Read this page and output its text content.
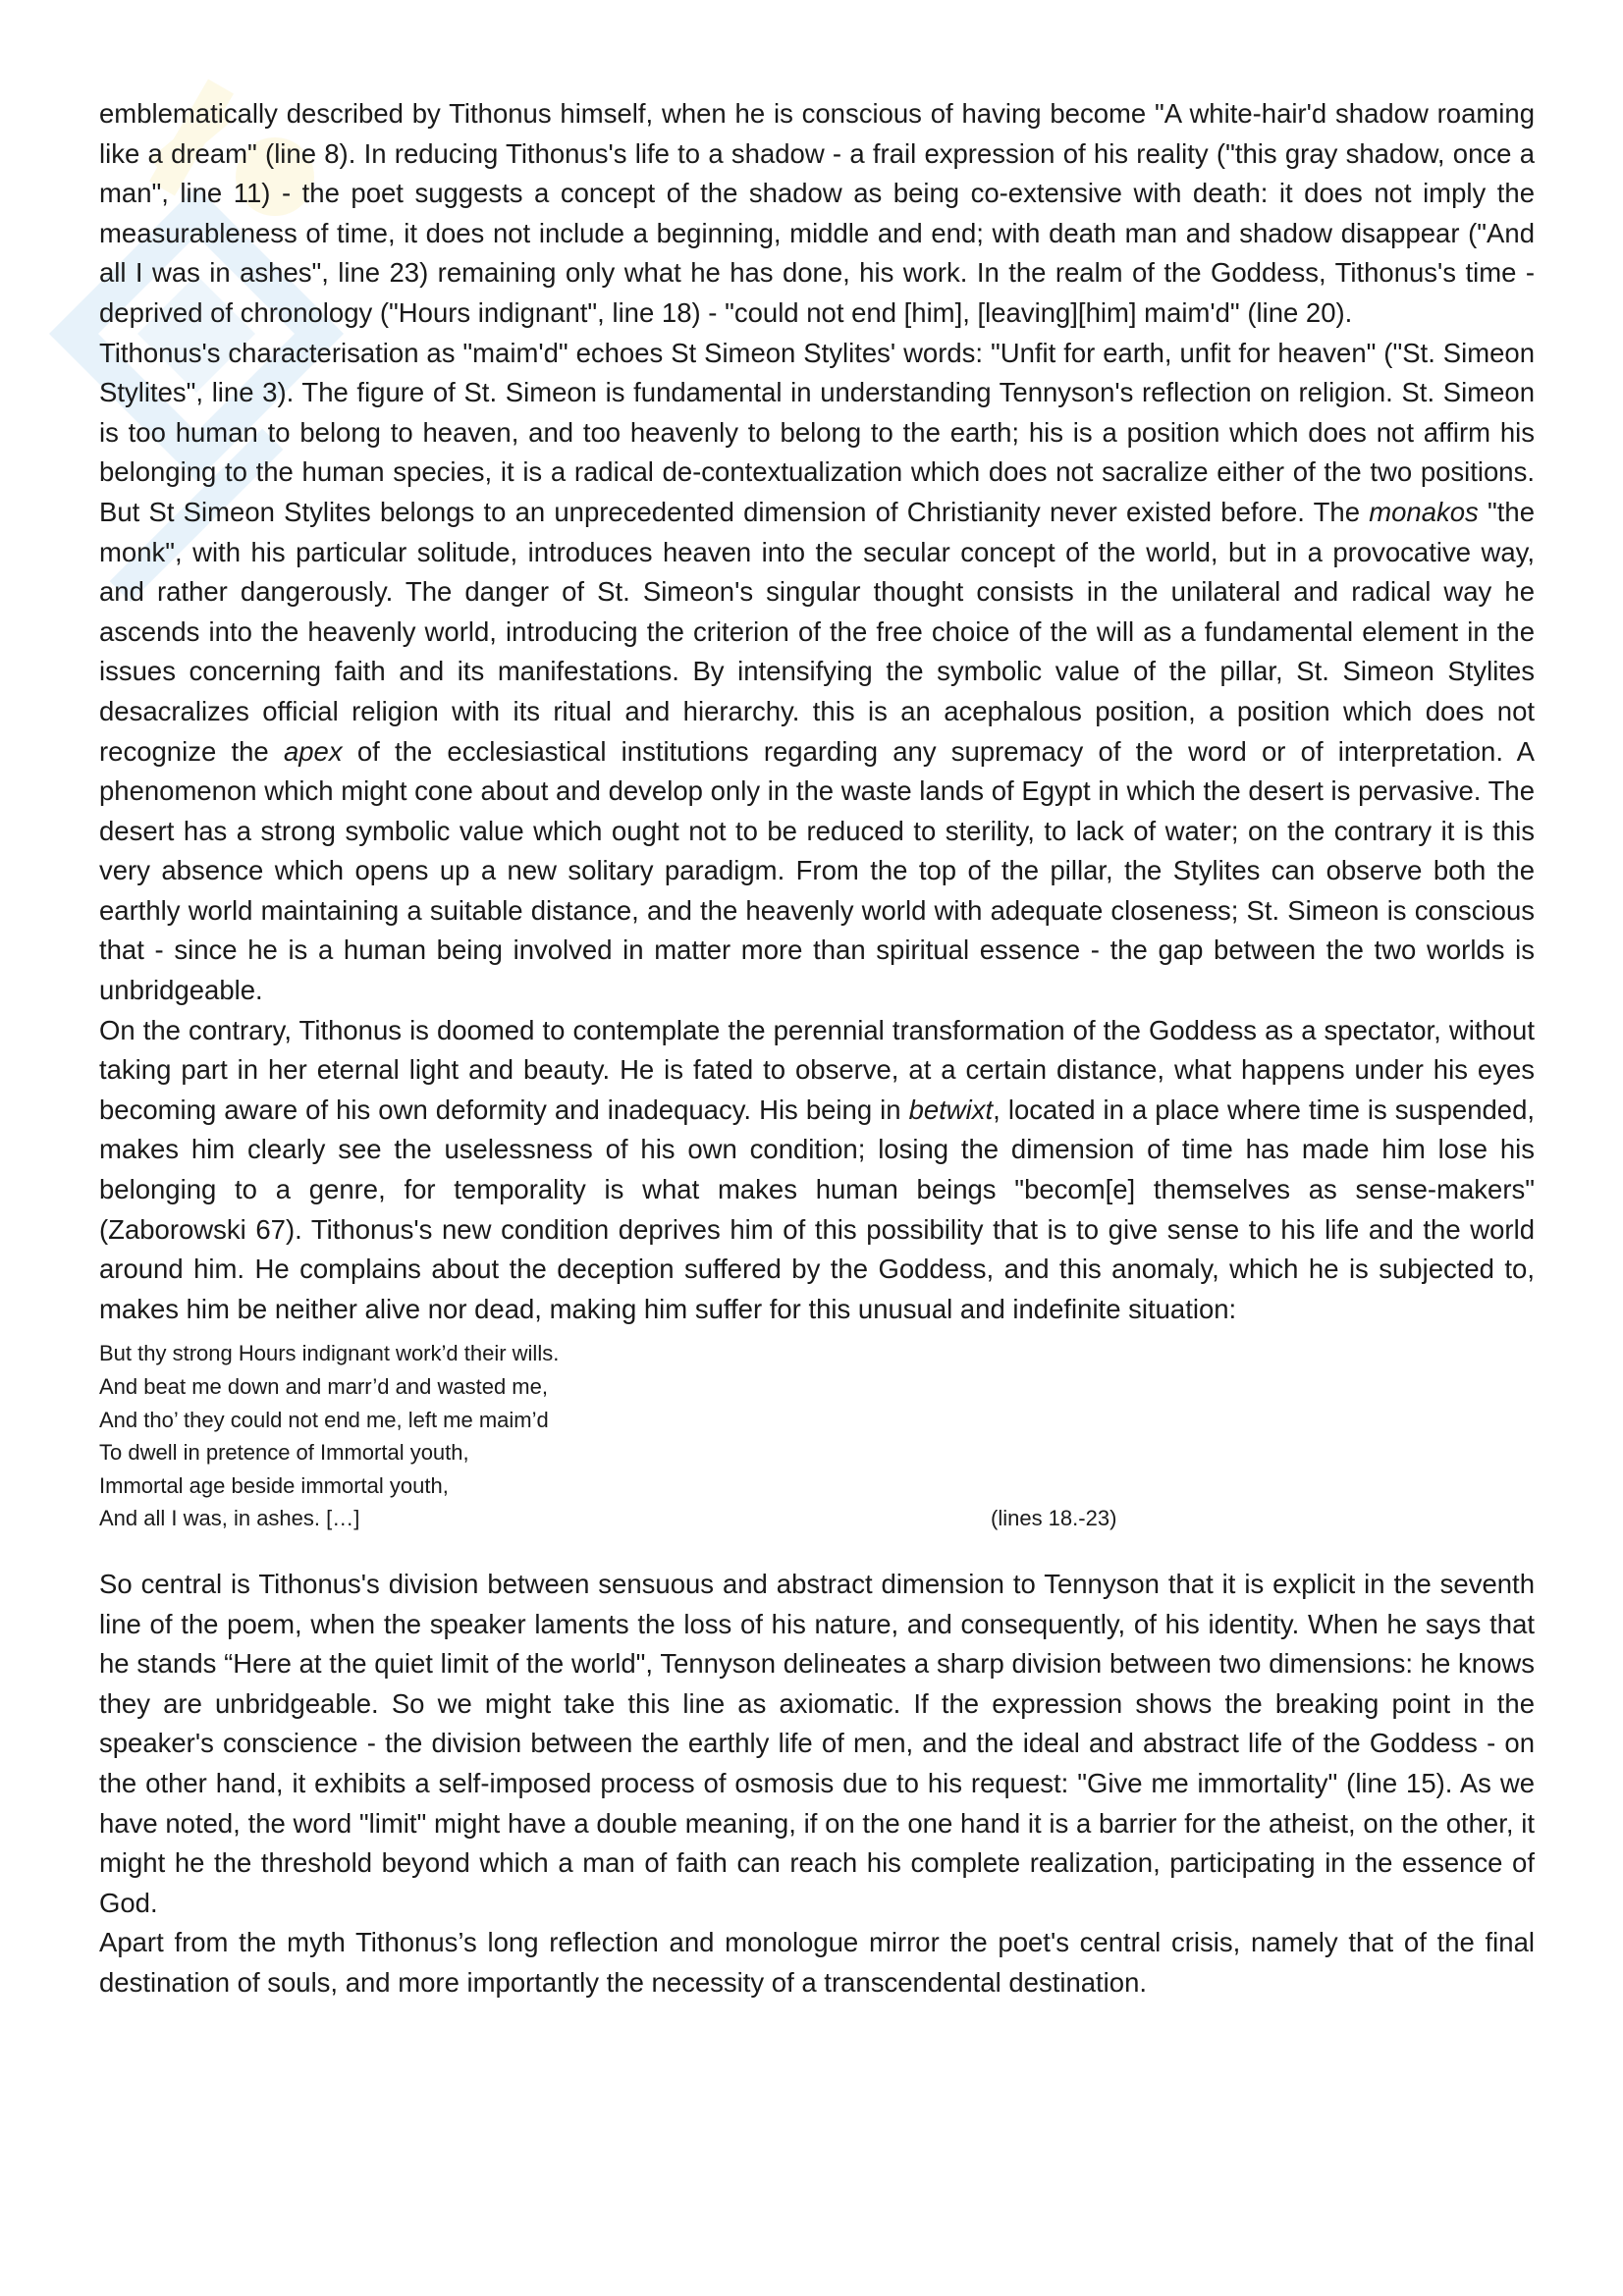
emblematically described by Tithonus himself, when he is conscious of having become "A white-hair'd shadow roaming like a dream" (line 8). In reducing Tithonus's life to a shadow - a frail expression of his reality ("this gray shadow, once a man", line 11) - the poet suggests a concept of the shadow as being co-extensive with death: it does not imply the measurableness of time, it does not include a beginning, middle and end; with death man and shadow disappear ("And all I was in ashes", line 23) remaining only what he has done, his work. In the realm of the Goddess, Tithonus's time - deprived of chronology ("Hours indignant", line 18) - "could not end [him], [leaving][him] maim'd" (line 20).

Tithonus's characterisation as "maim'd" echoes St Simeon Stylites' words: "Unfit for earth, unfit for heaven" ("St. Simeon Stylites", line 3). The figure of St. Simeon is fundamental in understanding Tennyson's reflection on religion. St. Simeon is too human to belong to heaven, and too heavenly to belong to the earth; his is a position which does not affirm his belonging to the human species, it is a radical de-contextualization which does not sacralize either of the two positions. But St Simeon Stylites belongs to an unprecedented dimension of Christianity never existed before. The monakos "the monk", with his particular solitude, introduces heaven into the secular concept of the world, but in a provocative way, and rather dangerously. The danger of St. Simeon's singular thought consists in the unilateral and radical way he ascends into the heavenly world, introducing the criterion of the free choice of the will as a fundamental element in the issues concerning faith and its manifestations. By intensifying the symbolic value of the pillar, St. Simeon Stylites desacralizes official religion with its ritual and hierarchy. this is an acephalous position, a position which does not recognize the apex of the ecclesiastical institutions regarding any supremacy of the word or of interpretation. A phenomenon which might cone about and develop only in the waste lands of Egypt in which the desert is pervasive. The desert has a strong symbolic value which ought not to be reduced to sterility, to lack of water; on the contrary it is this very absence which opens up a new solitary paradigm. From the top of the pillar, the Stylites can observe both the earthly world maintaining a suitable distance, and the heavenly world with adequate closeness; St. Simeon is conscious that - since he is a human being involved in matter more than spiritual essence - the gap between the two worlds is unbridgeable.

On the contrary, Tithonus is doomed to contemplate the perennial transformation of the Goddess as a spectator, without taking part in her eternal light and beauty. He is fated to observe, at a certain distance, what happens under his eyes becoming aware of his own deformity and inadequacy. His being in betwixt, located in a place where time is suspended, makes him clearly see the uselessness of his own condition; losing the dimension of time has made him lose his belonging to a genre, for temporality is what makes human beings "becom[e] themselves as sense-makers" (Zaborowski 67). Tithonus's new condition deprives him of this possibility that is to give sense to his life and the world around him. He complains about the deception suffered by the Goddess, and this anomaly, which he is subjected to, makes him be neither alive nor dead, making him suffer for this unusual and indefinite situation:

But thy strong Hours indignant work’d their wills.
And beat me down and marr’d and wasted me,
And tho’ they could not end me, left me maim’d
To dwell in pretence of Immortal youth,
Immortal age beside immortal youth,
And all I was, in ashes. […]	(lines 18.-23)

So central is Tithonus's division between sensuous and abstract dimension to Tennyson that it is explicit in the seventh line of the poem, when the speaker laments the loss of his nature, and consequently, of his identity. When he says that he stands “Here at the quiet limit of the world", Tennyson delineates a sharp division between two dimensions: he knows they are unbridgeable. So we might take this line as axiomatic. If the expression shows the breaking point in the speaker's conscience - the division between the earthly life of men, and the ideal and abstract life of the Goddess - on the other hand, it exhibits a self-imposed process of osmosis due to his request: "Give me immortality" (line 15). As we have noted, the word "limit" might have a double meaning, if on the one hand it is a barrier for the atheist, on the other, it might he the threshold beyond which a man of faith can reach his complete realization, participating in the essence of God.

Apart from the myth Tithonus’s long reflection and monologue mirror the poet's central crisis, namely that of the final destination of souls, and more importantly the necessity of a transcendental destination.
